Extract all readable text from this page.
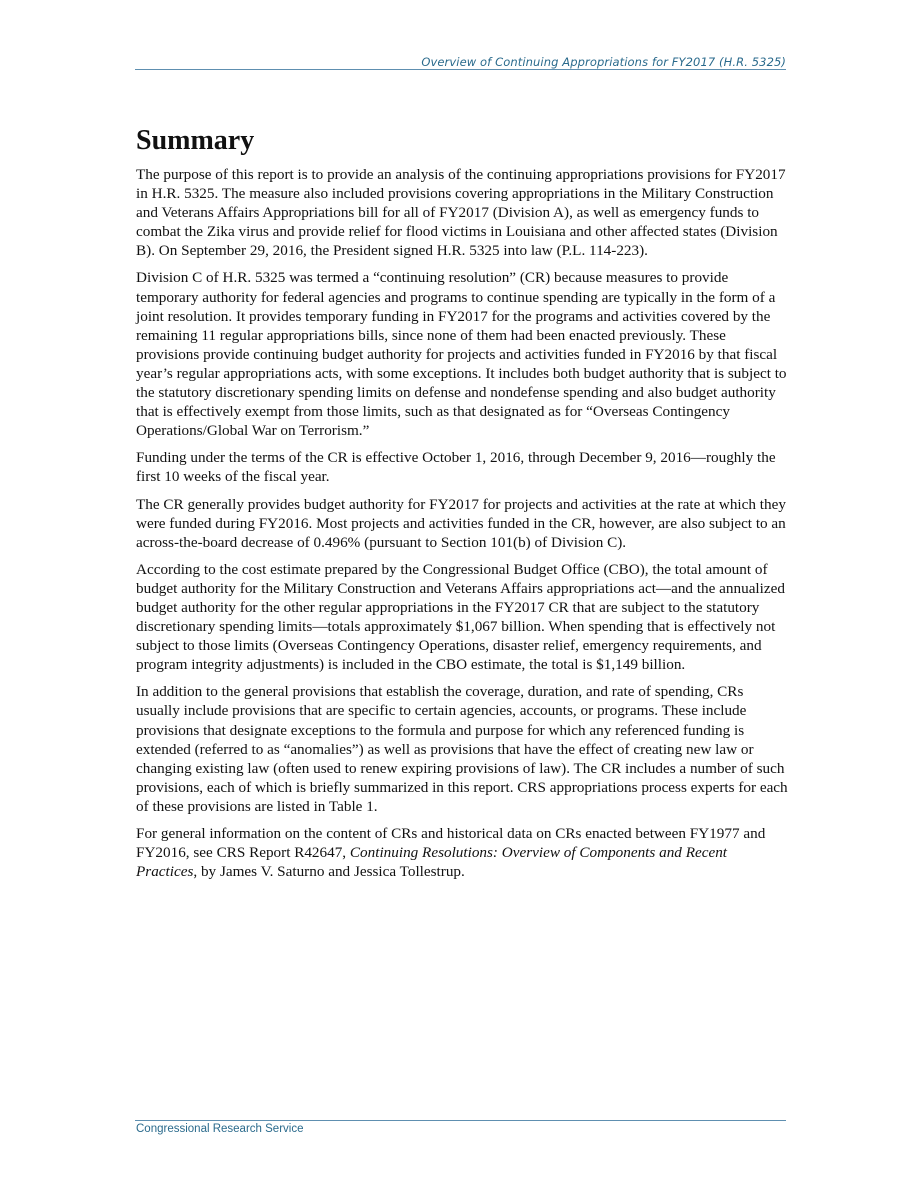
Overview of Continuing Appropriations for FY2017 (H.R. 5325)
Summary

The purpose of this report is to provide an analysis of the continuing appropriations provisions for FY2017 in H.R. 5325. The measure also included provisions covering appropriations in the Military Construction and Veterans Affairs Appropriations bill for all of FY2017 (Division A), as well as emergency funds to combat the Zika virus and provide relief for flood victims in Louisiana and other affected states (Division B). On September 29, 2016, the President signed H.R. 5325 into law (P.L. 114-223).

Division C of H.R. 5325 was termed a “continuing resolution” (CR) because measures to provide temporary authority for federal agencies and programs to continue spending are typically in the form of a joint resolution. It provides temporary funding in FY2017 for the programs and activities covered by the remaining 11 regular appropriations bills, since none of them had been enacted previously. These provisions provide continuing budget authority for projects and activities funded in FY2016 by that fiscal year’s regular appropriations acts, with some exceptions. It includes both budget authority that is subject to the statutory discretionary spending limits on defense and nondefense spending and also budget authority that is effectively exempt from those limits, such as that designated as for “Overseas Contingency Operations/Global War on Terrorism.”

Funding under the terms of the CR is effective October 1, 2016, through December 9, 2016—roughly the first 10 weeks of the fiscal year.

The CR generally provides budget authority for FY2017 for projects and activities at the rate at which they were funded during FY2016. Most projects and activities funded in the CR, however, are also subject to an across-the-board decrease of 0.496% (pursuant to Section 101(b) of Division C).

According to the cost estimate prepared by the Congressional Budget Office (CBO), the total amount of budget authority for the Military Construction and Veterans Affairs appropriations act—and the annualized budget authority for the other regular appropriations in the FY2017 CR that are subject to the statutory discretionary spending limits—totals approximately $1,067 billion. When spending that is effectively not subject to those limits (Overseas Contingency Operations, disaster relief, emergency requirements, and program integrity adjustments) is included in the CBO estimate, the total is $1,149 billion.

In addition to the general provisions that establish the coverage, duration, and rate of spending, CRs usually include provisions that are specific to certain agencies, accounts, or programs. These include provisions that designate exceptions to the formula and purpose for which any referenced funding is extended (referred to as “anomalies”) as well as provisions that have the effect of creating new law or changing existing law (often used to renew expiring provisions of law). The CR includes a number of such provisions, each of which is briefly summarized in this report. CRS appropriations process experts for each of these provisions are listed in Table 1.

For general information on the content of CRs and historical data on CRs enacted between FY1977 and FY2016, see CRS Report R42647, Continuing Resolutions: Overview of Components and Recent Practices, by James V. Saturno and Jessica Tollestrup.

Congressional Research Service
